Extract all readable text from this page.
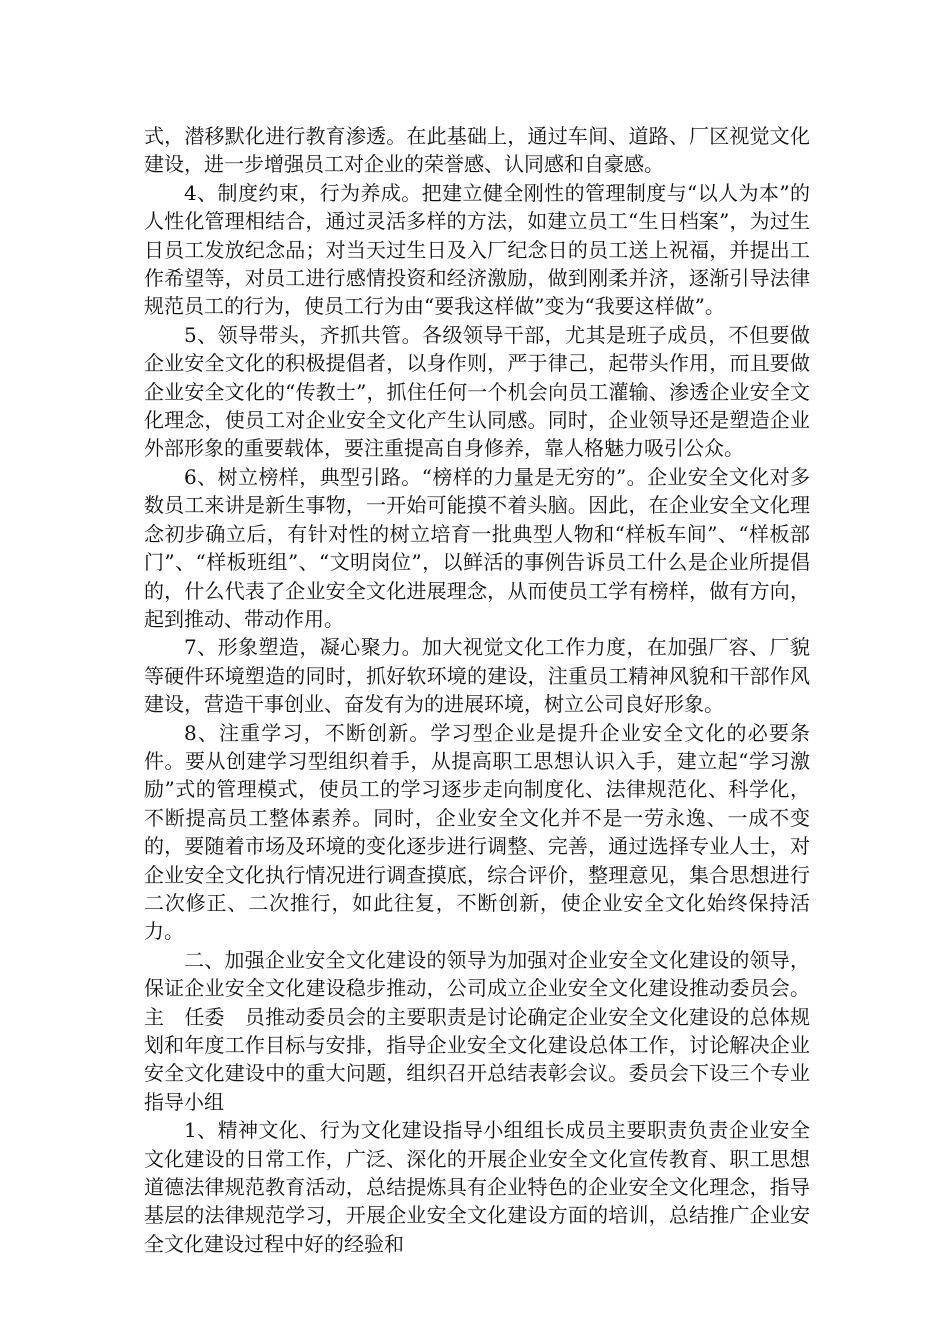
式，潜移默化进行教育渗透。在此基础上，通过车间、道路、厂区视觉文化建设，进一步增强员工对企业的荣誉感、认同感和自豪感。

4、制度约束，行为养成。把建立健全刚性的管理制度与“以人为本”的人性化管理相结合，通过灵活多样的方法，如建立员工“生日档案”，为过生日员工发放纪念品；对当天过生日及入厂纪念日的员工送上祝福，并提出工作希望等，对员工进行感情投资和经济激励，做到刚柔并济，逐渐引导法律规范员工的行为，使员工行为由“要我这样做”变为“我要这样做”。

5、领导带头，齐抓共管。各级领导干部，尤其是班子成员，不但要做企业安全文化的积极提倡者，以身作则，严于律己，起带头作用，而且要做企业安全文化的“传教士”，抓住任何一个机会向员工灌输、渗透企业安全文化理念，使员工对企业安全文化产生认同感。同时，企业领导还是塑造企业外部形象的重要载体，要注重提高自身修养，靠人格魅力吸引公众。

6、树立榜样，典型引路。“榜样的力量是无穷的”。企业安全文化对多数员工来讲是新生事物，一开始可能摸不着头脑。因此，在企业安全文化理念初步确立后，有针对性的树立培育一批典型人物和“样板车间”、“样板部门”、“样板班组”、“文明岗位”，以鲜活的事例告诉员工什么是企业所提倡的，什么代表了企业安全文化进展理念，从而使员工学有榜样，做有方向，起到推动、带动作用。

7、形象塑造，凝心聚力。加大视觉文化工作力度，在加强厂容、厂貌等硬件环境塑造的同时，抓好软环境的建设，注重员工精神风貌和干部作风建设，营造干事创业、奋发有为的进展环境，树立公司良好形象。

8、注重学习，不断创新。学习型企业是提升企业安全文化的必要条件。要从创建学习型组织着手，从提高职工思想认识入手，建立起“学习激励”式的管理模式，使员工的学习逐步走向制度化、法律规范化、科学化，不断提高员工整体素养。同时，企业安全文化并不是一劳永逸、一成不变的，要随着市场及环境的变化逐步进行调整、完善，通过选择专业人士，对企业安全文化执行情况进行调查摸底，综合评价，整理意见，集合思想进行二次修正、二次推行，如此往复，不断创新，使企业安全文化始终保持活力。

二、加强企业安全文化建设的领导为加强对企业安全文化建设的领导，保证企业安全文化建设稳步推动，公司成立企业安全文化建设推动委员会。主　任委　员推动委员会的主要职责是讨论确定企业安全文化建设的总体规划和年度工作目标与安排，指导企业安全文化建设总体工作，讨论解决企业安全文化建设中的重大问题，组织召开总结表彰会议。委员会下设三个专业指导小组

1、精神文化、行为文化建设指导小组组长成员主要职责负责企业安全文化建设的日常工作，广泛、深化的开展企业安全文化宣传教育、职工思想道德法律规范教育活动，总结提炼具有企业特色的企业安全文化理念，指导基层的法律规范学习，开展企业安全文化建设方面的培训，总结推广企业安全文化建设过程中好的经验和
